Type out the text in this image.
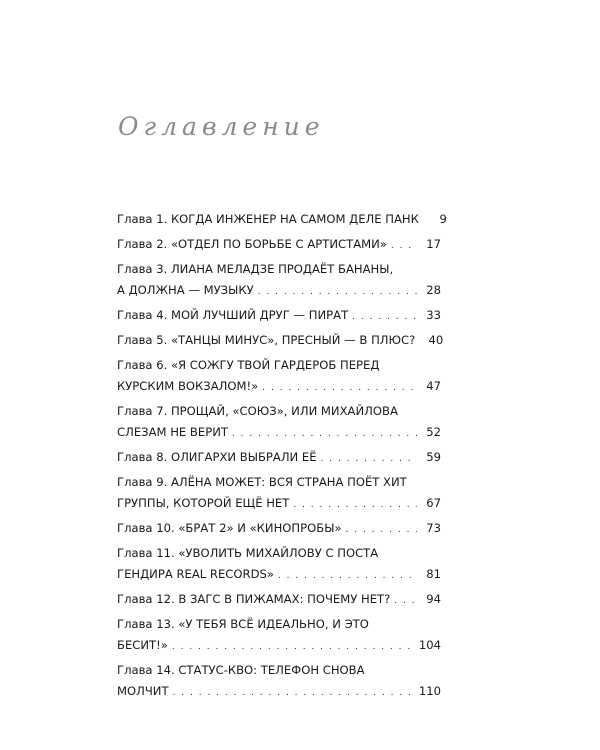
Оглавление
Глава 1. КОГДА ИНЖЕНЕР НА САМОМ ДЕЛЕ ПАНК	9
Глава 2. «ОТДЕЛ ПО БОРЬБЕ С АРТИСТАМИ» . . .	17
Глава 3. ЛИАНА МЕЛАДЗЕ ПРОДАЁТ БАНАНЫ,
А ДОЛЖНА — МУЗЫКУ . . .	28
Глава 4. МОЙ ЛУЧШИЙ ДРУГ — ПИРАТ . . .	33
Глава 5. «ТАНЦЫ МИНУС», ПРЕСНЫЙ — В ПЛЮС?	40
Глава 6. «Я СОЖГУ ТВОЙ ГАРДЕРОБ ПЕРЕД
КУРСКИМ ВОКЗАЛОМ!» . . .	47
Глава 7. ПРОЩАЙ, «СОЮЗ», ИЛИ МИХАЙЛОВА
СЛЕЗАМ НЕ ВЕРИТ . . .	52
Глава 8. ОЛИГАРХИ ВЫБРАЛИ ЕЁ . . .	59
Глава 9. АЛЁНА МОЖЕТ: ВСЯ СТРАНА ПОЁТ ХИТ
ГРУППЫ, КОТОРОЙ ЕЩЁ НЕТ . . .	67
Глава 10. «БРАТ 2» И «КИНОПРОБЫ» . . .	73
Глава 11. «УВОЛИТЬ МИХАЙЛОВУ С ПОСТА
ГЕНДИРА REAL RECORDS» . . .	81
Глава 12. В ЗАГС В ПИЖАМАХ: ПОЧЕМУ НЕТ? . . .	94
Глава 13. «У ТЕБЯ ВСЁ ИДЕАЛЬНО, И ЭТО
БЕСИТ!» . . .	104
Глава 14. СТАТУС-КВО: ТЕЛЕФОН СНОВА
МОЛЧИТ . . .	110
